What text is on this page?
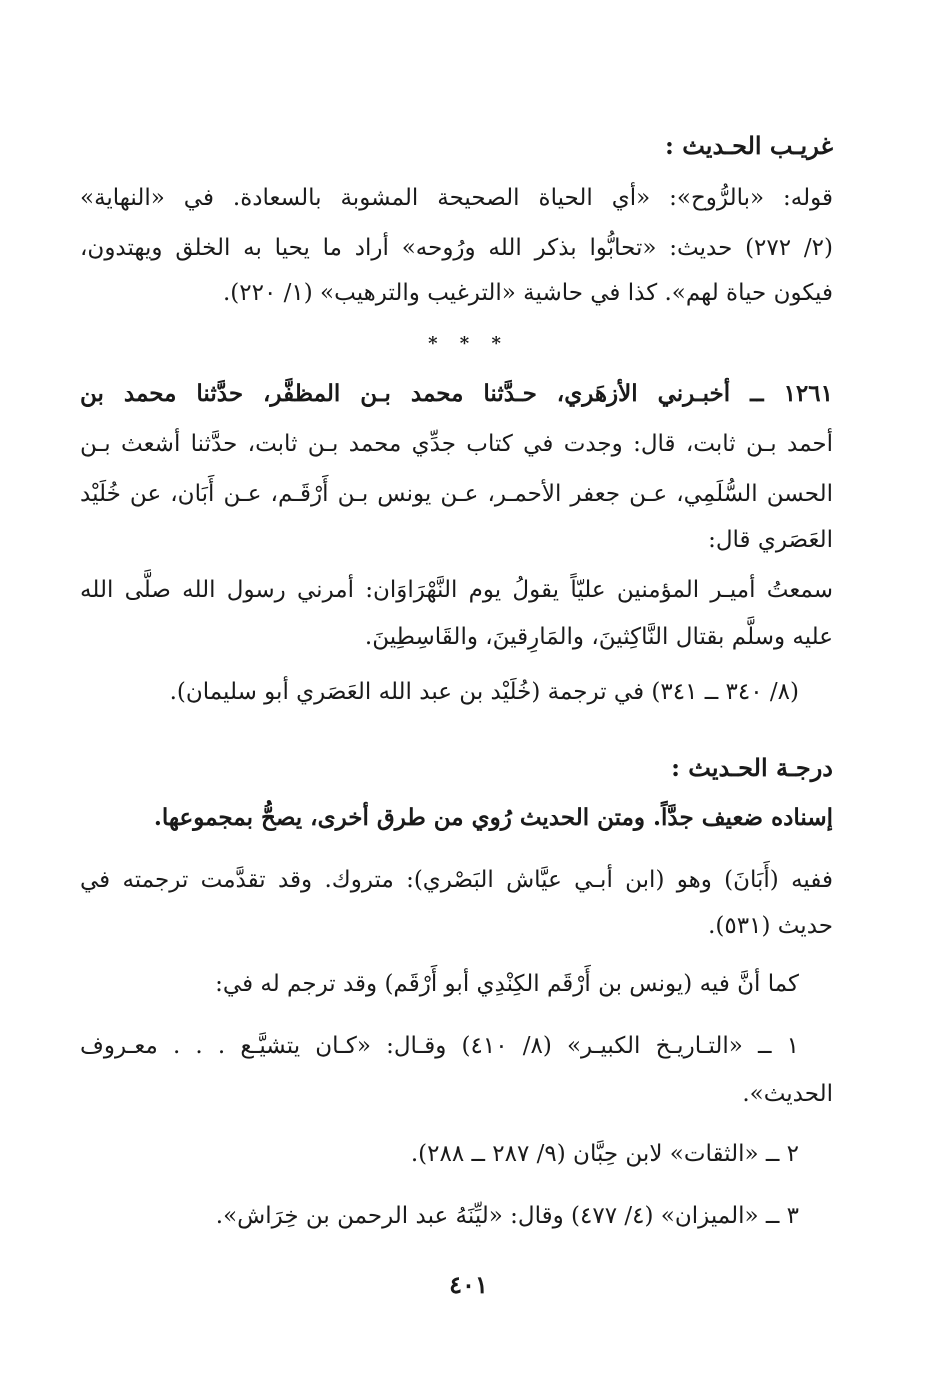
غريـب الحـديث :
قوله: «بالرُّوح»: «أي الحياة الصحيحة المشوبة بالسعادة. في «النهاية»
(٢/ ٢٧٢) حديث: «تحابُّوا بذكر الله ورُوحه» أراد ما يحيا به الخلق ويهتدون،
فيكون حياة لهم». كذا في حاشية «الترغيب والترهيب» (١/ ٢٢٠).
* * *
١٢٦١ ــ أخبـرني الأزهَري، حـدَّثنا محمد بـن المظفَّر، حدَّثنا محمد بن
أحمد بـن ثابت، قال: وجدت في كتاب جدِّي محمد بـن ثابت، حدَّثنا أشعث بـن
الحسن السُّلَمِي، عـن جعفر الأحمـر، عـن يونس بـن أَرْقَـم، عـن أَبَان، عن خُلَيْد
العَصَري قال:
سمعتُ أميـر المؤمنين عليّاً يقولُ يوم النَّهْرَاوَان: أمرني رسول الله صلَّى الله
عليه وسلَّم بقتال النَّاكِثينَ، والمَارِقينَ، والقَاسِطِينَ.
(٨/ ٣٤٠ ــ ٣٤١) في ترجمة (خُلَيْد بن عبد الله العَصَري أبو سليمان).
درجـة الحـديث :
إسناده ضعيف جدَّاً. ومتن الحديث رُوي من طرق أخرى، يصحُّ بمجموعها.
ففيه (أَبَانَ) وهو (ابن أبـي عيَّاش البَصْري): متروك. وقد تقدَّمت ترجمته في
حديث (٥٣١).
كما أنَّ فيه (يونس بن أَرْقَم الكِنْدِي أبو أَرْقَم) وقد ترجم له في:
١ ــ «التـاريـخ الكبيـر» (٨/ ٤١٠) وقـال: «كـان يتشيَّـع . . . معـروف
الحديث».
٢ ــ «الثقات» لابن حِبَّان (٩/ ٢٨٧ ــ ٢٨٨).
٣ ــ «الميزان» (٤/ ٤٧٧) وقال: «ليِّنَهُ عبد الرحمن بن خِرَاش».
٤٠١
